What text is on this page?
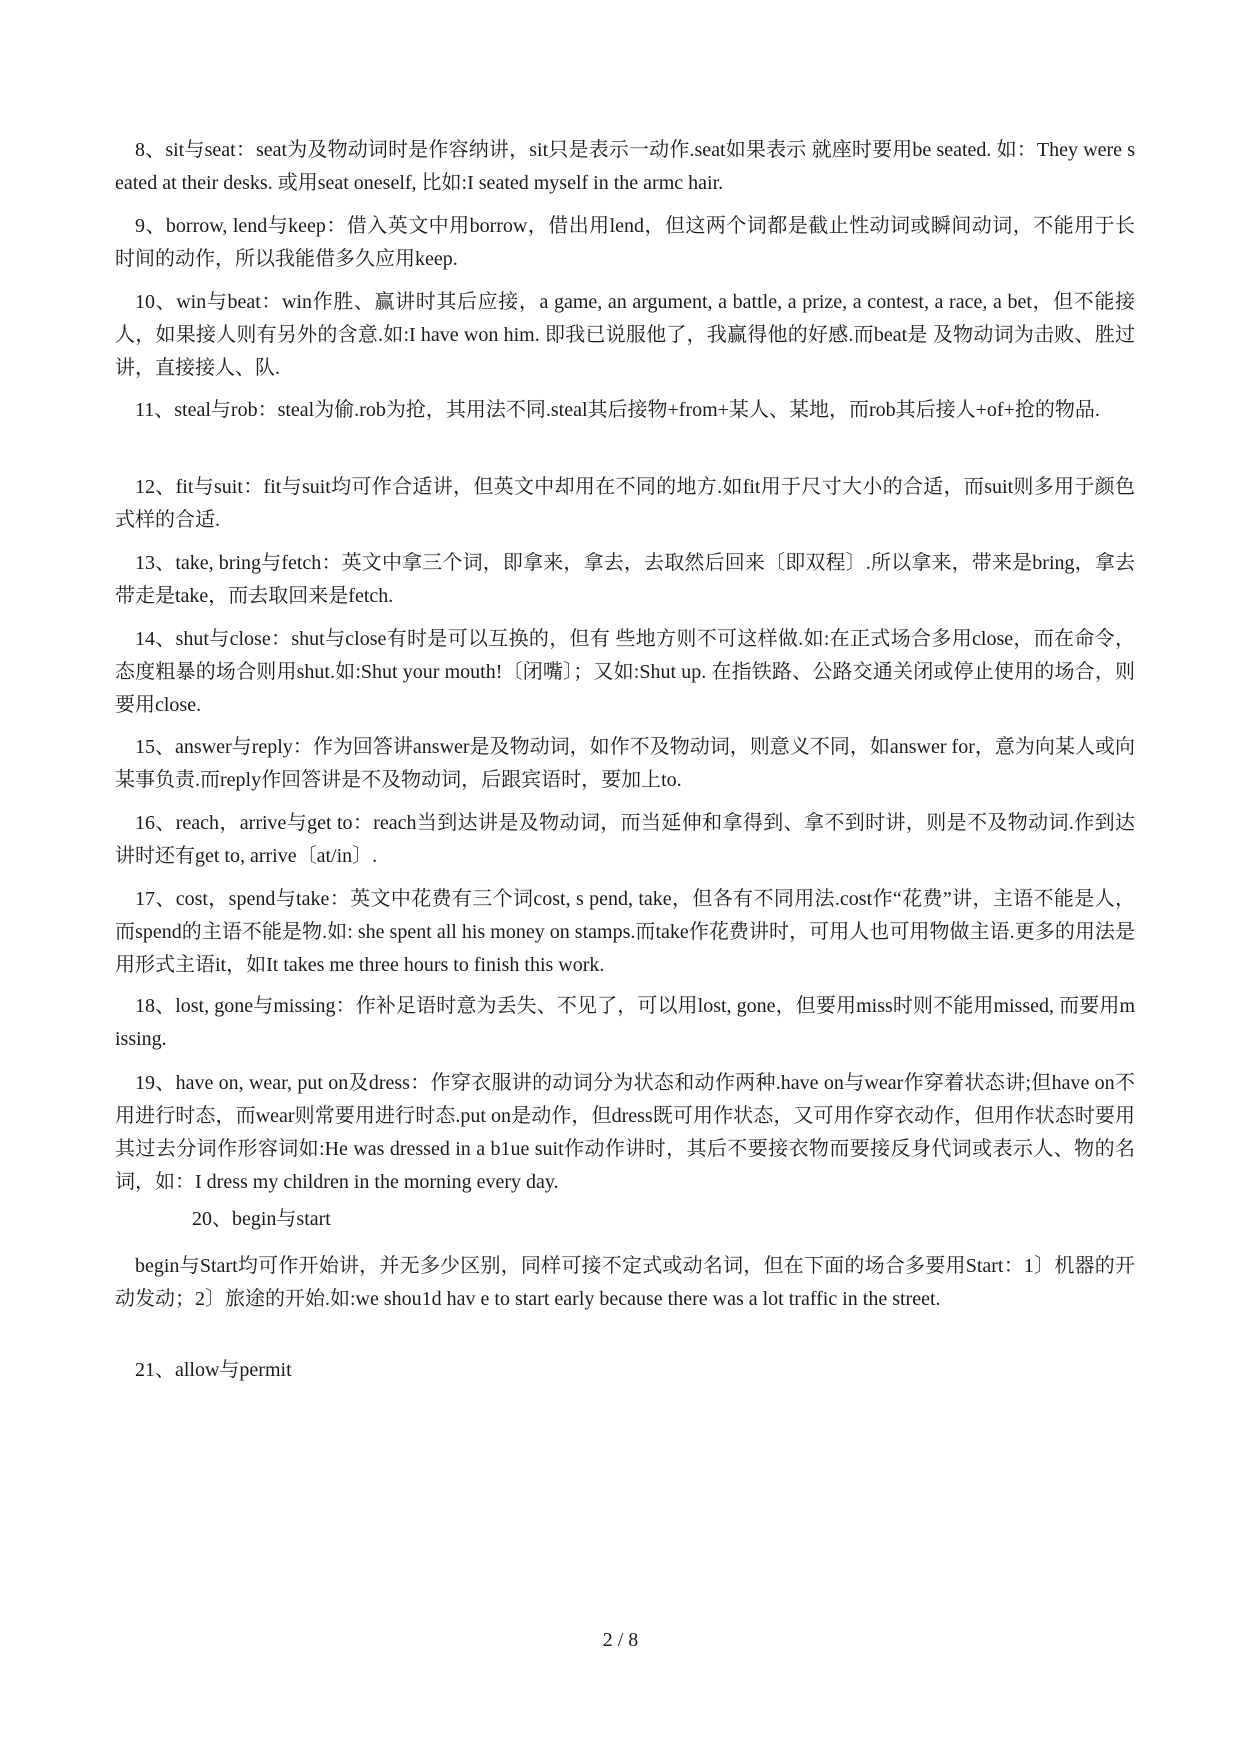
8、sit与seat：seat为及物动词时是作容纳讲，sit只是表示一动作.seat如果表示 就座时要用be seated. 如：They were seated at their desks. 或用seat oneself, 比如:I seated myself in the armc hair.

9、borrow, lend与keep：借入英文中用borrow，借出用lend，但这两个词都是截止性动词或瞬间动词，不能用于长时间的动作，所以我能借多久应用keep.

10、win与beat：win作胜、赢讲时其后应接，a game, an argument, a battle, a prize, a contest, a race, a bet，但不能接人，如果接人则有另外的含意.如:I have won him. 即我已说服他了，我赢得他的好感.而beat是 及物动词为击败、胜过讲，直接接人、队.

11、steal与rob：steal为偷.rob为抢，其用法不同.steal其后接物+from+某人、某地，而rob其后接人+of+抢的物品.

12、fit与suit：fit与suit均可作合适讲，但英文中却用在不同的地方.如fit用于尺寸大小的合适，而suit则多用于颜色式样的合适.

13、take, bring与fetch：英文中拿三个词，即拿来，拿去，去取然后回来〔即双程〕.所以拿来，带来是bring，拿去带走是take，而去取回来是fetch.

14、shut与close：shut与close有时是可以互换的，但有 些地方则不可这样做.如:在正式场合多用close，而在命令，态度粗暴的场合则用shut.如:Shut your mouth!〔闭嘴〕；又如:Shut up. 在指铁路、公路交通关闭或停止使用的场合，则要用close.

15、answer与reply：作为回答讲answer是及物动词，如作不及物动词，则意义不同，如answer for，意为向某人或向某事负责.而reply作回答讲是不及物动词，后跟宾语时，要加上to.

16、reach，arrive与get to：reach当到达讲是及物动词，而当延伸和拿得到、拿不到时讲，则是不及物动词.作到达讲时还有get to, arrive〔at/in〕.

17、cost，spend与take：英文中花费有三个词cost, s pend, take，但各有不同用法.cost作“花费”讲，主语不能是人，而spend的主语不能是物.如: she spent all his money on stamps.而take作花费讲时，可用人也可用物做主语.更多的用法是用形式主语it，如It takes me three hours to finish this work.

18、lost, gone与missing：作补足语时意为丢失、不见了，可以用lost, gone，但要用miss时则不能用missed, 而要用missing.

19、have on, wear, put on及dress：作穿衣服讲的动词分为状态和动作两种.have on与wear作穿着状态讲;但have on不用进行时态，而wear则常要用进行时态.put on是动作，但dress既可用作状态，又可用作穿衣动作，但用作状态时要用其过去分词作形容词如:He was dressed in a b1ue suit作动作讲时，其后不要接衣物而要接反身代词或表示人、物的名词，如：I dress my children in the morning every day.

20、begin与start

begin与Start均可作开始讲，并无多少区别，同样可接不定式或动名词，但在下面的场合多要用Start：1〕机器的开动发动；2〕旅途的开始.如:we shou1d hav e to start early because there was a lot traffic in the street.

21、allow与permit

2 / 8
